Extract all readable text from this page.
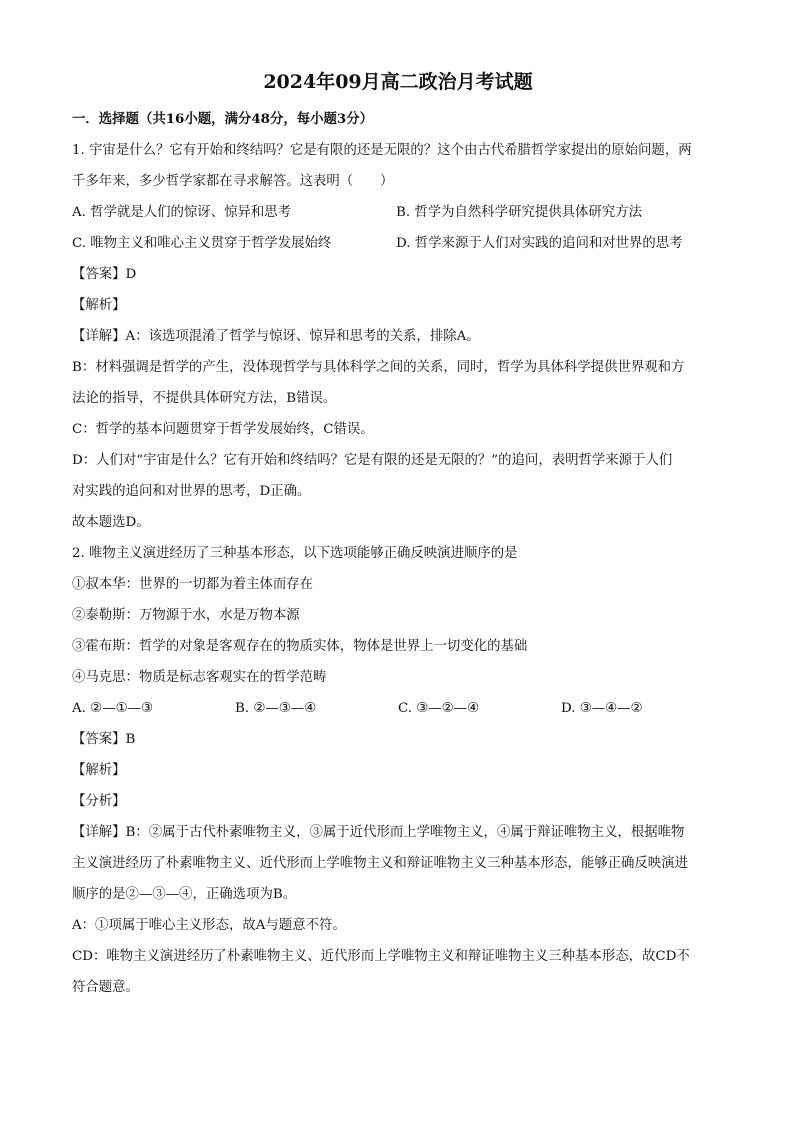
2024年09月高二政治月考试题
一．选择题（共16小题，满分48分，每小题3分）
1. 宇宙是什么？它有开始和终结吗？它是有限的还是无限的？这个由古代希腊哲学家提出的原始问题，两
千多年来，多少哲学家都在寻求解答。这表明（　　）
A. 哲学就是人们的惊讶、惊异和思考	B. 哲学为自然科学研究提供具体研究方法
C. 唯物主义和唯心主义贯穿于哲学发展始终	D. 哲学来源于人们对实践的追问和对世界的思考
【答案】D
【解析】
【详解】A：该选项混淆了哲学与惊讶、惊异和思考的关系，排除A。
B：材料强调是哲学的产生，没体现哲学与具体科学之间的关系，同时，哲学为具体科学提供世界观和方
法论的指导，不提供具体研究方法，B错误。
C：哲学的基本问题贯穿于哲学发展始终，C错误。
D：人们对“宇宙是什么？它有开始和终结吗？它是有限的还是无限的？”的追问，表明哲学来源于人们
对实践的追问和对世界的思考，D正确。
故本题选D。
2. 唯物主义演进经历了三种基本形态，以下选项能够正确反映演进顺序的是
①叔本华：世界的一切都为着主体而存在
②泰勒斯：万物源于水，水是万物本源
③霍布斯：哲学的对象是客观存在的物质实体，物体是世界上一切变化的基础
④马克思：物质是标志客观实在的哲学范畴
A. ②—①—③	B. ②—③—④	C. ③—②—④	D. ③—④—②
【答案】B
【解析】
【分析】
【详解】B：②属于古代朴素唯物主义，③属于近代形而上学唯物主义，④属于辩证唯物主义，根据唯物
主义演进经历了朴素唯物主义、近代形而上学唯物主义和辩证唯物主义三种基本形态，能够正确反映演进
顺序的是②—③—④，正确选项为B。
A：①项属于唯心主义形态，故A与题意不符。
CD：唯物主义演进经历了朴素唯物主义、近代形而上学唯物主义和辩证唯物主义三种基本形态，故CD不
符合题意。
